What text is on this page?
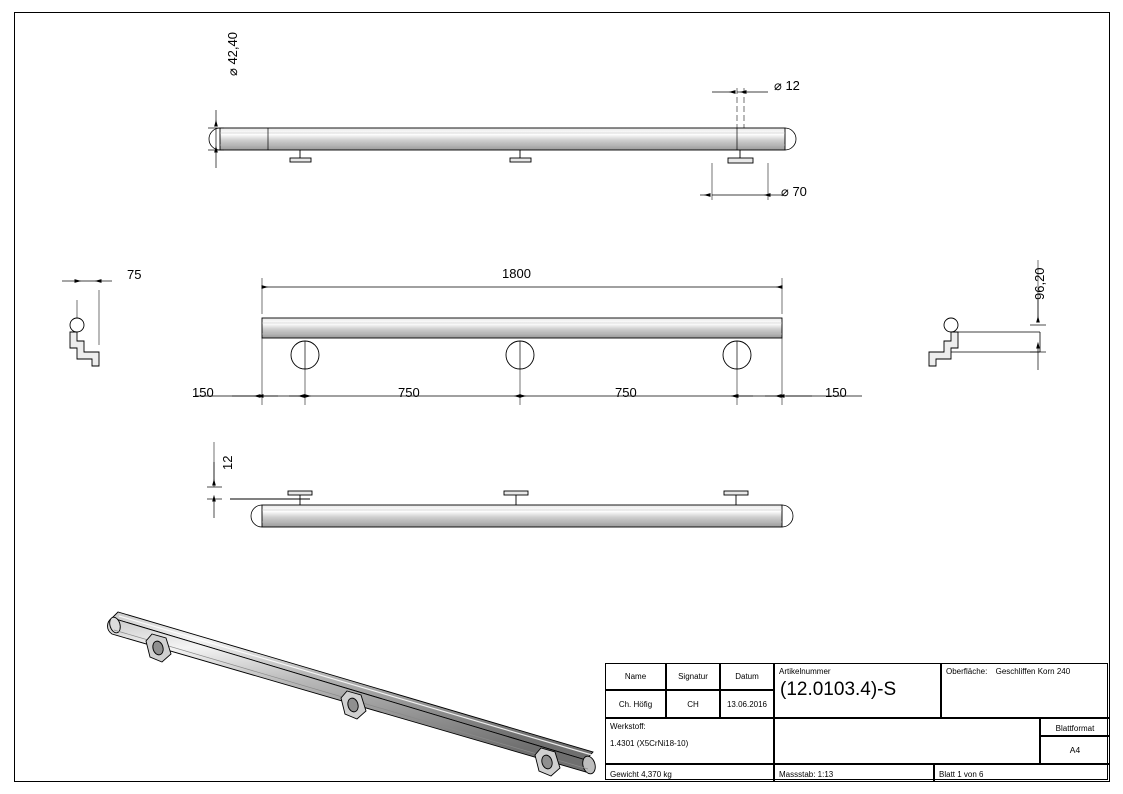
⌀ 42,40
⌀ 12
⌀ 70
75	96,20
1800
150	750	750	150
12
Name	Signatur	Datum
Ch. Höfig	CH	13.06.2016
Werkstoff:
1.4301 (X5CrNi18-10)
Gewicht 4,370 kg
Artikelnummer
(12.0103.4)-S
Oberfläche: Geschliffen Korn 240
Blattformat
A4
Massstab: 1:13	Blatt 1 von 6
